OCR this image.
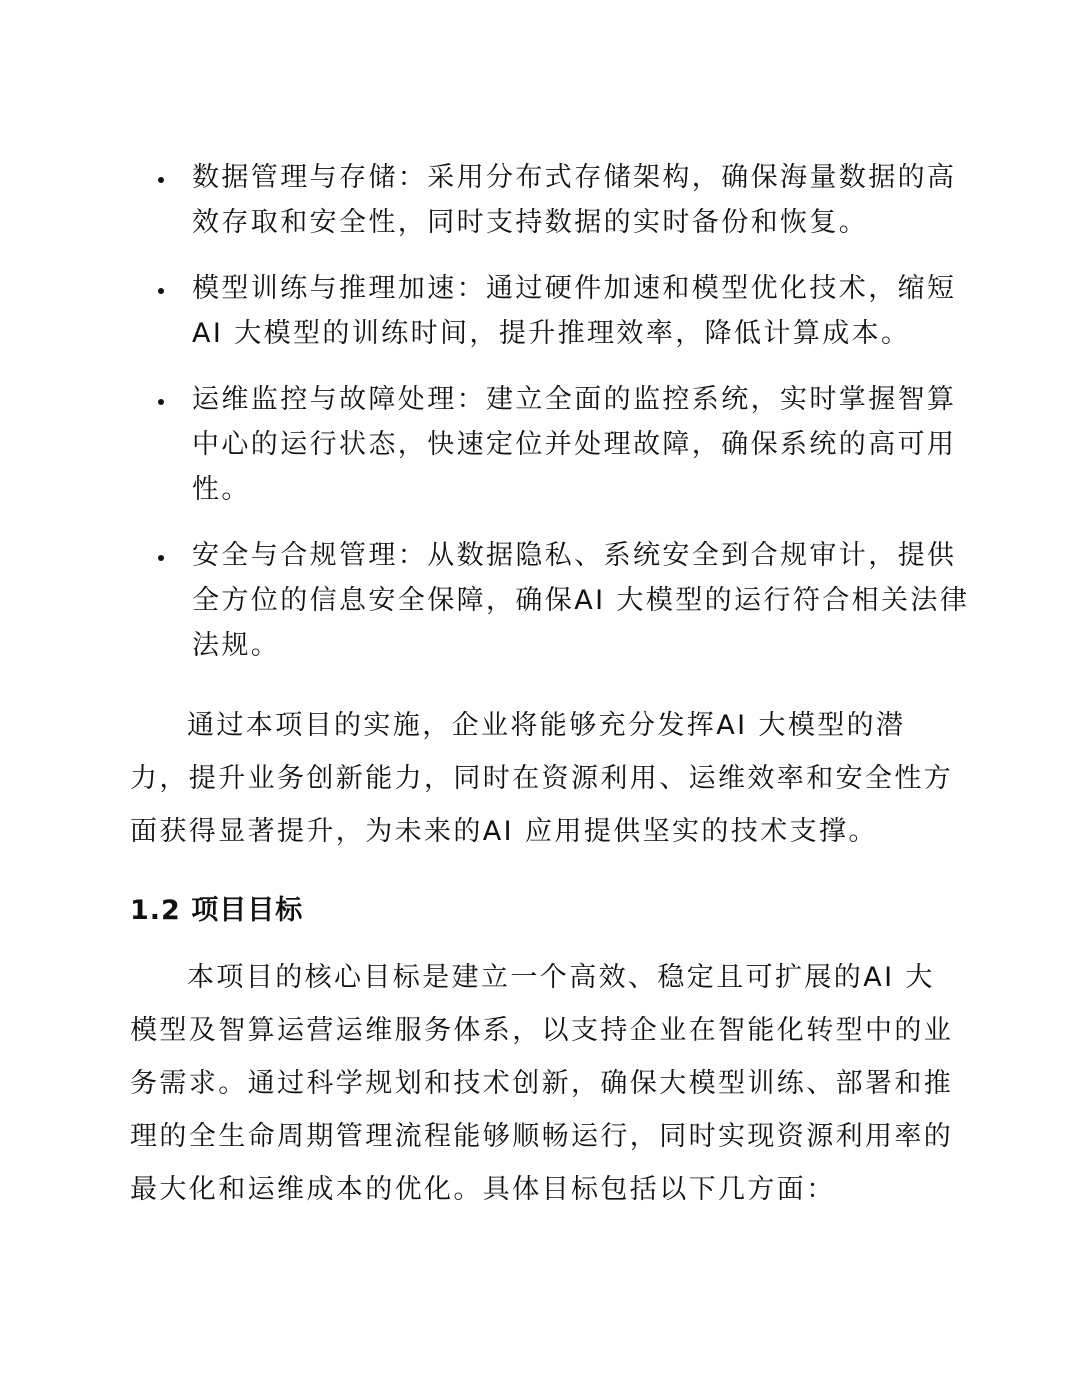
数据管理与存储：采用分布式存储架构，确保海量数据的高效存取和安全性，同时支持数据的实时备份和恢复。
模型训练与推理加速：通过硬件加速和模型优化技术，缩短AI 大模型的训练时间，提升推理效率，降低计算成本。
运维监控与故障处理：建立全面的监控系统，实时掌握智算中心的运行状态，快速定位并处理故障，确保系统的高可用性。
安全与合规管理：从数据隐私、系统安全到合规审计，提供全方位的信息安全保障，确保AI 大模型的运行符合相关法律法规。

通过本项目的实施，企业将能够充分发挥AI 大模型的潜力，提升业务创新能力，同时在资源利用、运维效率和安全性方面获得显著提升，为未来的AI 应用提供坚实的技术支撑。

1.2 项目目标

本项目的核心目标是建立一个高效、稳定且可扩展的AI 大模型及智算运营运维服务体系，以支持企业在智能化转型中的业务需求。通过科学规划和技术创新，确保大模型训练、部署和推理的全生命周期管理流程能够顺畅运行，同时实现资源利用率的最大化和运维成本的优化。具体目标包括以下几方面：
